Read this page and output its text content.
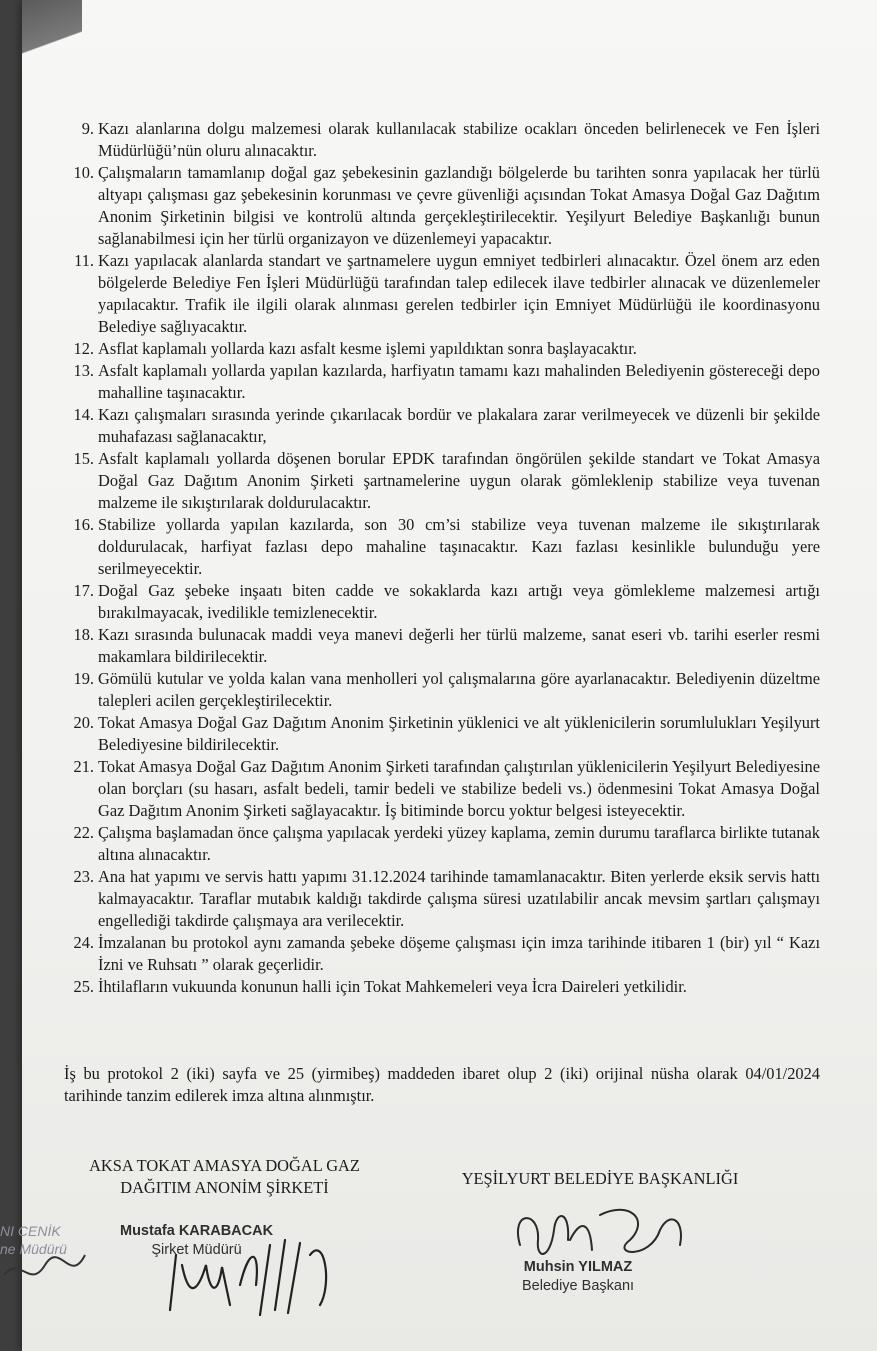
9. Kazı alanlarına dolgu malzemesi olarak kullanılacak stabilize ocakları önceden belirlenecek ve Fen İşleri Müdürlüğü’nün oluru alınacaktır.
10. Çalışmaların tamamlanıp doğal gaz şebekesinin gazlandığı bölgelerde bu tarihten sonra yapılacak her türlü altyapı çalışması gaz şebekesinin korunması ve çevre güvenliği açısından Tokat Amasya Doğal Gaz Dağıtım Anonim Şirketinin bilgisi ve kontrolü altında gerçekleştirilecektir. Yeşilyurt Belediye Başkanlığı bunun sağlanabilmesi için her türlü organizayon ve düzenlemeyi yapacaktır.
11. Kazı yapılacak alanlarda standart ve şartnamelere uygun emniyet tedbirleri alınacaktır. Özel önem arz eden bölgelerde Belediye Fen İşleri Müdürlüğü tarafından talep edilecek ilave tedbirler alınacak ve düzenlemeler yapılacaktır. Trafik ile ilgili olarak alınması gerelen tedbirler için Emniyet Müdürlüğü ile koordinasyonu Belediye sağlıyacaktır.
12. Asflat kaplamalı yollarda kazı asfalt kesme işlemi yapıldıktan sonra başlayacaktır.
13. Asfalt kaplamalı yollarda yapılan kazılarda, harfiyatın tamamı kazı mahalinden Belediyenin göstereceği depo mahalline taşınacaktır.
14. Kazı çalışmaları sırasında yerinde çıkarılacak bordür ve plakalara zarar verilmeyecek ve düzenli bir şekilde muhafazası sağlanacaktır,
15. Asfalt kaplamalı yollarda döşenen borular EPDK tarafından öngörülen şekilde standart ve Tokat Amasya Doğal Gaz Dağıtım Anonim Şirketi şartnamelerine uygun olarak gömleklenip stabilize veya tuvenan malzeme ile sıkıştırılarak doldurulacaktır.
16. Stabilize yollarda yapılan kazılarda, son 30 cm’si stabilize veya tuvenan malzeme ile sıkıştırılarak doldurulacak, harfiyat fazlası depo mahaline taşınacaktır. Kazı fazlası kesinlikle bulunduğu yere serilmeyecektir.
17. Doğal Gaz şebeke inşaatı biten cadde ve sokaklarda kazı artığı veya gömlekleme malzemesi artığı bırakılmayacak, ivedilikle temizlenecektir.
18. Kazı sırasında bulunacak maddi veya manevi değerli her türlü malzeme, sanat eseri vb. tarihi eserler resmi makamlara bildirilecektir.
19. Gömülü kutular ve yolda kalan vana menholleri yol çalışmalarına göre ayarlanacaktır. Belediyenin düzeltme talepleri acilen gerçekleştirilecektir.
20. Tokat Amasya Doğal Gaz Dağıtım Anonim Şirketinin yüklenici ve alt yüklenicilerin sorumlulukları Yeşilyurt Belediyesine bildirilecektir.
21. Tokat Amasya Doğal Gaz Dağıtım Anonim Şirketi tarafından çalıştırılan yüklenicilerin Yeşilyurt Belediyesine olan borçları (su hasarı, asfalt bedeli, tamir bedeli ve stabilize bedeli vs.) ödenmesini Tokat Amasya Doğal Gaz Dağıtım Anonim Şirketi sağlayacaktır. İş bitiminde borcu yoktur belgesi isteyecektir.
22. Çalışma başlamadan önce çalışma yapılacak yerdeki yüzey kaplama, zemin durumu taraflarca birlikte tutanak altına alınacaktır.
23. Ana hat yapımı ve servis hattı yapımı 31.12.2024 tarihinde tamamlanacaktır. Biten yerlerde eksik servis hattı kalmayacaktır. Taraflar mutabık kaldığı takdirde çalışma süresi uzatılabilir ancak mevsim şartları çalışmayı engellediği takdirde çalışmaya ara verilecektir.
24. İmzalanan bu protokol aynı zamanda şebeke döşeme çalışması için imza tarihinde itibaren 1 (bir) yıl “ Kazı İzni ve Ruhsatı ” olarak geçerlidir.
25. İhtilafların vukuunda konunun halli için Tokat Mahkemeleri veya İcra Daireleri yetkilidir.
İş bu protokol 2 (iki) sayfa ve 25 (yirmibeş) maddeden ibaret olup 2 (iki) orijinal nüsha olarak 04/01/2024 tarihinde tanzim edilerek imza altına alınmıştır.
AKSA TOKAT AMASYA DOĞAL GAZ
DAĞITIM ANONİM ŞİRKETİ	YEŞİLYURT BELEDİYE BAŞKANLIĞI
NI CENİK
ne Müdürü
Mustafa KARABACAK
Şirket Müdürü
Muhsin YILMAZ
Belediye Başkanı
